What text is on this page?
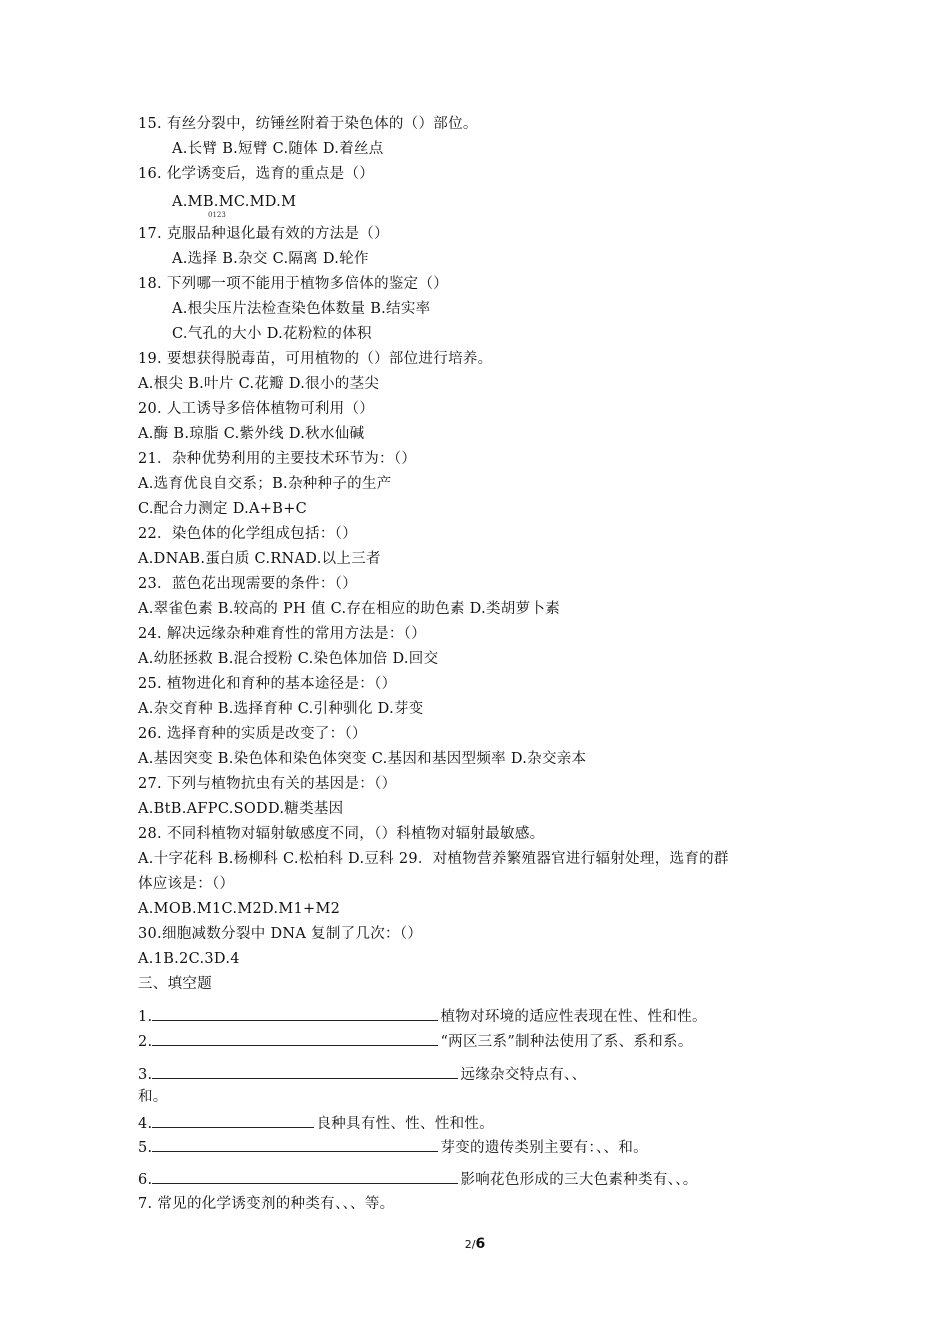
15. 有丝分裂中，纺锤丝附着于染色体的（）部位。
A.长臂 B.短臂 C.随体 D.着丝点
16. 化学诱变后，选育的重点是（）
A.MB.MC.MD.M
0123
17. 克服品种退化最有效的方法是（）
A.选择 B.杂交 C.隔离 D.轮作
18. 下列哪一项不能用于植物多倍体的鉴定（）
A.根尖压片法检查染色体数量 B.结实率
C.气孔的大小 D.花粉粒的体积
19. 要想获得脱毒苗，可用植物的（）部位进行培养。
A.根尖 B.叶片 C.花瓣 D.很小的茎尖
20. 人工诱导多倍体植物可利用（）
A.酶 B.琼脂 C.紫外线 D.秋水仙碱
21．杂种优势利用的主要技术环节为：（）
A.选育优良自交系；B.杂种种子的生产
C.配合力测定 D.A+B+C
22．染色体的化学组成包括：（）
A.DNAB.蛋白质 C.RNAD.以上三者
23．蓝色花出现需要的条件：（）
A.翠雀色素 B.较高的 PH 值 C.存在相应的助色素 D.类胡萝卜素
24. 解决远缘杂种难育性的常用方法是：（）
A.幼胚拯救 B.混合授粉 C.染色体加倍 D.回交
25. 植物进化和育种的基本途径是：（）
A.杂交育种 B.选择育种 C.引种驯化 D.芽变
26. 选择育种的实质是改变了：（）
A.基因突变 B.染色体和染色体突变 C.基因和基因型频率 D.杂交亲本
27. 下列与植物抗虫有关的基因是：（）
A.BtB.AFPC.SODD.糖类基因
28. 不同科植物对辐射敏感度不同，（）科植物对辐射最敏感。
A.十字花科 B.杨柳科 C.松柏科 D.豆科 29．对植物营养繁殖器官进行辐射处理，选育的群
体应该是：（）
A.MOB.M1C.M2D.M1+M2
30.细胞减数分裂中 DNA 复制了几次：（）
A.1B.2C.3D.4
三、填空题
1.	植物对环境的适应性表现在性、性和性。
2.	“两区三系”制种法使用了系、系和系。
3.	远缘杂交特点有、、
和。
4.	良种具有性、性、性和性。
5.	芽变的遗传类别主要有：、、和。
6.	影响花色形成的三大色素种类有、、。
7. 常见的化学诱变剂的种类有、、、等。
2/6
